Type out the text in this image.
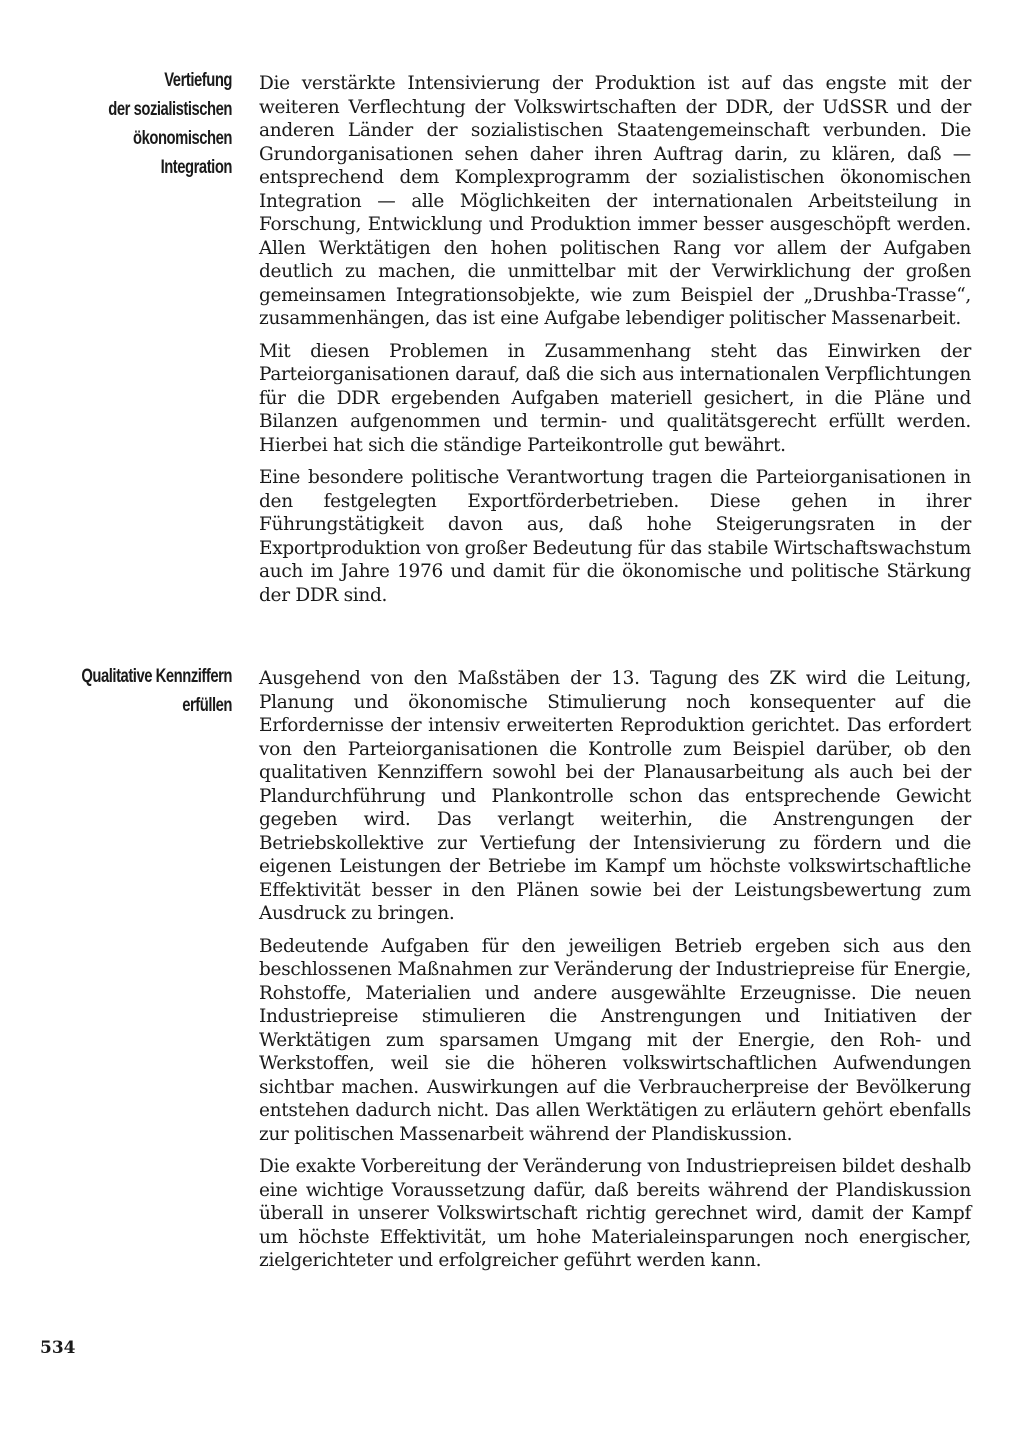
Vertiefung
der sozialistischen
ökonomischen
Integration

Die verstärkte Intensivierung der Produktion ist auf das engste mit der weiteren Verflechtung der Volkswirtschaften der DDR, der UdSSR und der anderen Länder der sozialistischen Staatengemeinschaft verbunden. Die Grundorganisationen sehen daher ihren Auftrag darin, zu klären, daß — entsprechend dem Komplexprogramm der sozialistischen ökonomischen Integration — alle Möglichkeiten der internationalen Arbeitsteilung in Forschung, Entwicklung und Produktion immer besser ausgeschöpft werden. Allen Werktätigen den hohen politischen Rang vor allem der Aufgaben deutlich zu machen, die unmittelbar mit der Verwirklichung der großen gemeinsamen Integrationsobjekte, wie zum Beispiel der „Drushba-Trasse“, zusammenhängen, das ist eine Aufgabe lebendiger politischer Massenarbeit.

Mit diesen Problemen in Zusammenhang steht das Einwirken der Parteiorganisationen darauf, daß die sich aus internationalen Verpflichtungen für die DDR ergebenden Aufgaben materiell gesichert, in die Pläne und Bilanzen aufgenommen und termin- und qualitätsgerecht erfüllt werden. Hierbei hat sich die ständige Parteikontrolle gut bewährt.

Eine besondere politische Verantwortung tragen die Parteiorganisationen in den festgelegten Exportförderbetrieben. Diese gehen in ihrer Führungstätigkeit davon aus, daß hohe Steigerungsraten in der Exportproduktion von großer Bedeutung für das stabile Wirtschaftswachstum auch im Jahre 1976 und damit für die ökonomische und politische Stärkung der DDR sind.

Qualitative Kennziffern
erfüllen

Ausgehend von den Maßstäben der 13. Tagung des ZK wird die Leitung, Planung und ökonomische Stimulierung noch konsequenter auf die Erfordernisse der intensiv erweiterten Reproduktion gerichtet. Das erfordert von den Parteiorganisationen die Kontrolle zum Beispiel darüber, ob den qualitativen Kennziffern sowohl bei der Planausarbeitung als auch bei der Plandurchführung und Plankontrolle schon das entsprechende Gewicht gegeben wird. Das verlangt weiterhin, die Anstrengungen der Betriebskollektive zur Vertiefung der Intensivierung zu fördern und die eigenen Leistungen der Betriebe im Kampf um höchste volkswirtschaftliche Effektivität besser in den Plänen sowie bei der Leistungsbewertung zum Ausdruck zu bringen.

Bedeutende Aufgaben für den jeweiligen Betrieb ergeben sich aus den beschlossenen Maßnahmen zur Veränderung der Industriepreise für Energie, Rohstoffe, Materialien und andere ausgewählte Erzeugnisse. Die neuen Industriepreise stimulieren die Anstrengungen und Initiativen der Werktätigen zum sparsamen Umgang mit der Energie, den Roh- und Werkstoffen, weil sie die höheren volkswirtschaftlichen Aufwendungen sichtbar machen. Auswirkungen auf die Verbraucherpreise der Bevölkerung entstehen dadurch nicht. Das allen Werktätigen zu erläutern gehört ebenfalls zur politischen Massenarbeit während der Plandiskussion.

Die exakte Vorbereitung der Veränderung von Industriepreisen bildet deshalb eine wichtige Voraussetzung dafür, daß bereits während der Plandiskussion überall in unserer Volkswirtschaft richtig gerechnet wird, damit der Kampf um höchste Effektivität, um hohe Materialeinsparungen noch energischer, zielgerichteter und erfolgreicher geführt werden kann.

534
